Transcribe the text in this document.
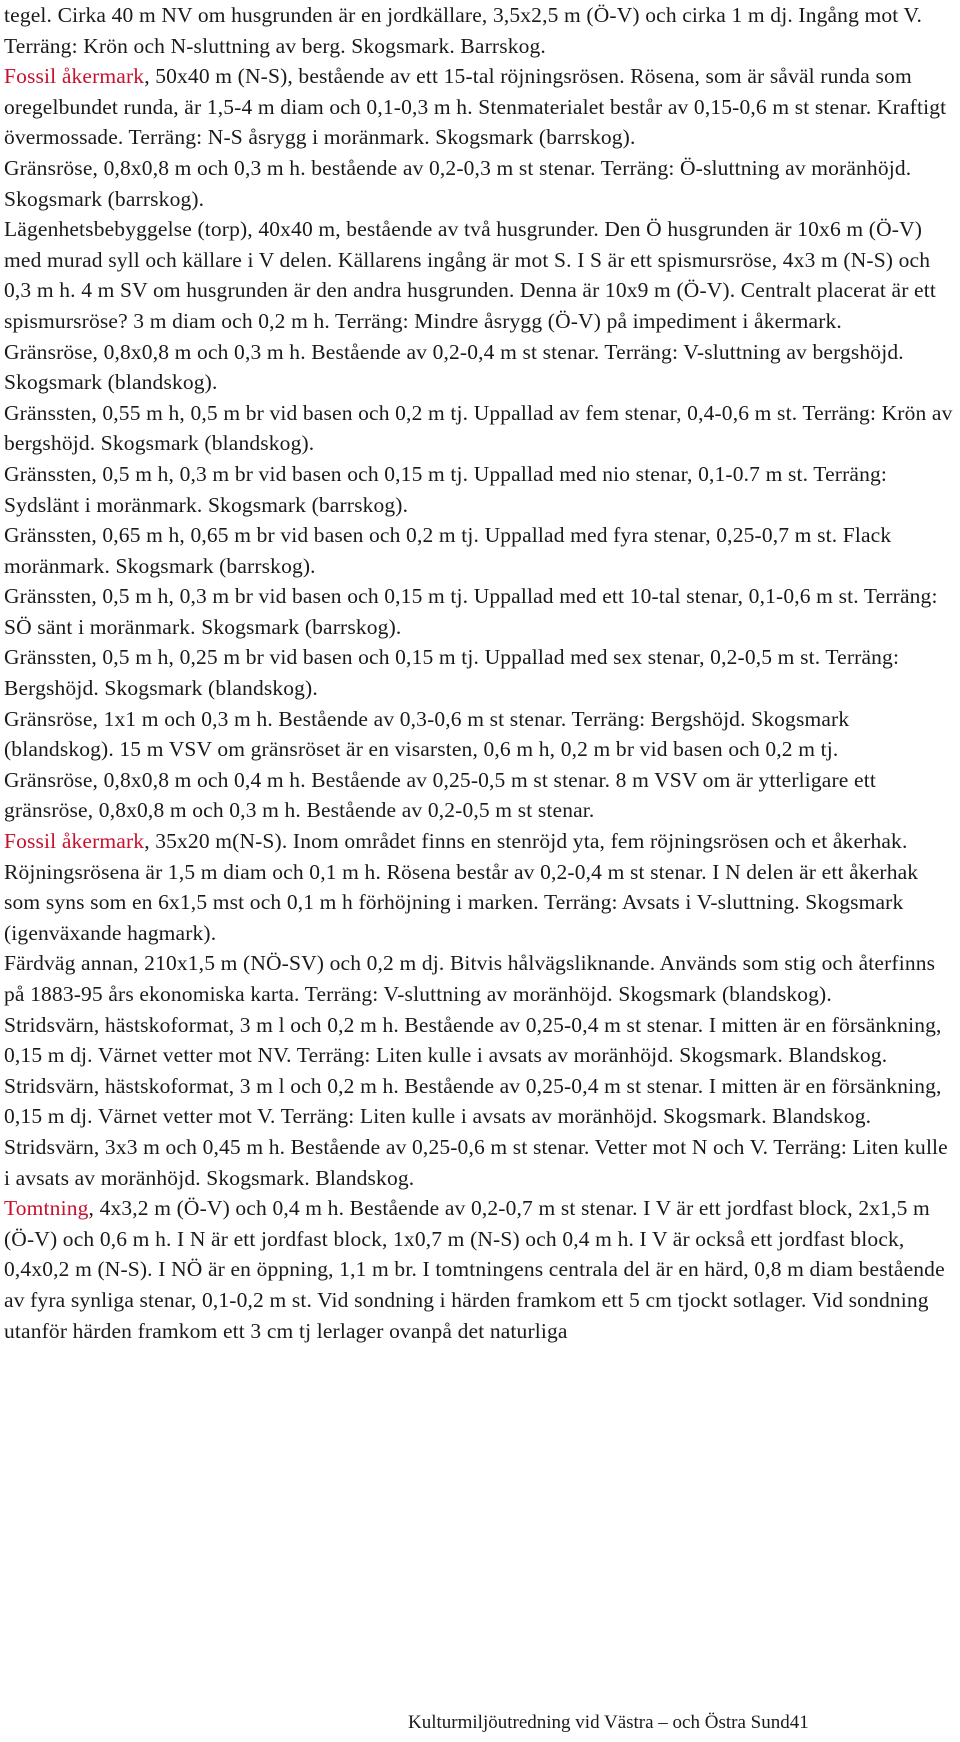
tegel. Cirka 40 m NV om husgrunden är en jordkällare, 3,5x2,5 m (Ö-V) och cirka 1 m dj. Ingång mot V. Terräng: Krön och N-sluttning av berg. Skogsmark. Barrskog.

Fossil åkermark, 50x40 m (N-S), bestående av ett 15-tal röjningsrösen. Rösena, som är såväl runda som oregelbundet runda, är 1,5-4 m diam och 0,1-0,3 m h. Stenmaterialet består av 0,15-0,6 m st stenar. Kraftigt övermossade. Terräng: N-S åsrygg i moränmark. Skogsmark (barrskog).

Gränsröse, 0,8x0,8 m och 0,3 m h. bestående av 0,2-0,3 m st stenar. Terräng: Ö-sluttning av moränhöjd. Skogsmark (barrskog).

Lägenhetsbebyggelse (torp), 40x40 m, bestående av två husgrunder. Den Ö husgrunden är 10x6 m (Ö-V) med murad syll och källare i V delen. Källarens ingång är mot S. I S är ett spismursröse, 4x3 m (N-S) och 0,3 m h. 4 m SV om husgrunden är den andra husgrunden. Denna är 10x9 m (Ö-V). Centralt placerat är ett spismursröse? 3 m diam och 0,2 m h. Terräng: Mindre åsrygg (Ö-V) på impediment i åkermark.

Gränsröse, 0,8x0,8 m och 0,3 m h. Bestående av 0,2-0,4 m st stenar. Terräng: V-sluttning av bergshöjd. Skogsmark (blandskog).

Gränssten, 0,55 m h, 0,5 m br vid basen och 0,2 m tj. Uppallad av fem stenar, 0,4-0,6 m st. Terräng: Krön av bergshöjd. Skogsmark (blandskog).

Gränssten, 0,5 m h, 0,3 m br vid basen och 0,15 m tj. Uppallad med nio stenar, 0,1-0.7 m st. Terräng: Sydslänt i moränmark. Skogsmark (barrskog).

Gränssten, 0,65 m h, 0,65 m br vid basen och 0,2 m tj. Uppallad med fyra stenar, 0,25-0,7 m st. Flack moränmark. Skogsmark (barrskog).

Gränssten, 0,5 m h, 0,3 m br vid basen och 0,15 m tj. Uppallad med ett 10-tal stenar, 0,1-0,6 m st. Terräng: SÖ sänt i moränmark. Skogsmark (barrskog).

Gränssten, 0,5 m h, 0,25 m br vid basen och 0,15 m tj. Uppallad med sex stenar, 0,2-0,5 m st. Terräng: Bergshöjd. Skogsmark (blandskog).

Gränsröse, 1x1 m och 0,3 m h. Bestående av 0,3-0,6 m st stenar. Terräng: Bergshöjd. Skogsmark (blandskog). 15 m VSV om gränsröset är en visarsten, 0,6 m h, 0,2 m br vid basen och 0,2 m tj.

Gränsröse, 0,8x0,8 m och 0,4 m h. Bestående av 0,25-0,5 m st stenar. 8 m VSV om är ytterligare ett gränsröse, 0,8x0,8 m och 0,3 m h. Bestående av 0,2-0,5 m st stenar.

Fossil åkermark, 35x20 m(N-S). Inom området finns en stenröjd yta, fem röjningsrösen och et åkerhak. Röjningsrösena är 1,5 m diam och 0,1 m h. Rösena består av 0,2-0,4 m st stenar. I N delen är ett åkerhak som syns som en 6x1,5 mst och 0,1 m h förhöjning i marken. Terräng: Avsats i V-sluttning. Skogsmark (igenväxande hagmark).

Färdväg annan, 210x1,5 m (NÖ-SV) och 0,2 m dj. Bitvis hålvägsliknande. Används som stig och återfinns på 1883-95 års ekonomiska karta. Terräng: V-sluttning av moränhöjd. Skogsmark (blandskog).

Stridsvärn, hästskoformat, 3 m l och 0,2 m h. Bestående av 0,25-0,4 m st stenar. I mitten är en försänkning, 0,15 m dj. Värnet vetter mot NV. Terräng: Liten kulle i avsats av moränhöjd. Skogsmark. Blandskog.

Stridsvärn, hästskoformat, 3 m l och 0,2 m h. Bestående av 0,25-0,4 m st stenar. I mitten är en försänkning, 0,15 m dj. Värnet vetter mot V. Terräng: Liten kulle i avsats av moränhöjd. Skogsmark. Blandskog.

Stridsvärn, 3x3 m och 0,45 m h. Bestående av 0,25-0,6 m st stenar. Vetter mot N och V. Terräng: Liten kulle i avsats av moränhöjd. Skogsmark. Blandskog.

Tomtning, 4x3,2 m (Ö-V) och 0,4 m h. Bestående av 0,2-0,7 m st stenar. I V är ett jordfast block, 2x1,5 m (Ö-V) och 0,6 m h. I N är ett jordfast block, 1x0,7 m (N-S) och 0,4 m h. I V är också ett jordfast block, 0,4x0,2 m (N-S). I NÖ är en öppning, 1,1 m br. I tomtningens centrala del är en härd, 0,8 m diam bestående av fyra synliga stenar, 0,1-0,2 m st. Vid sondning i härden framkom ett 5 cm tjockt sotlager. Vid sondning utanför härden framkom ett 3 cm tj lerlager ovanpå det naturliga

Kulturmiljöutredning vid Västra – och Östra Sund41
